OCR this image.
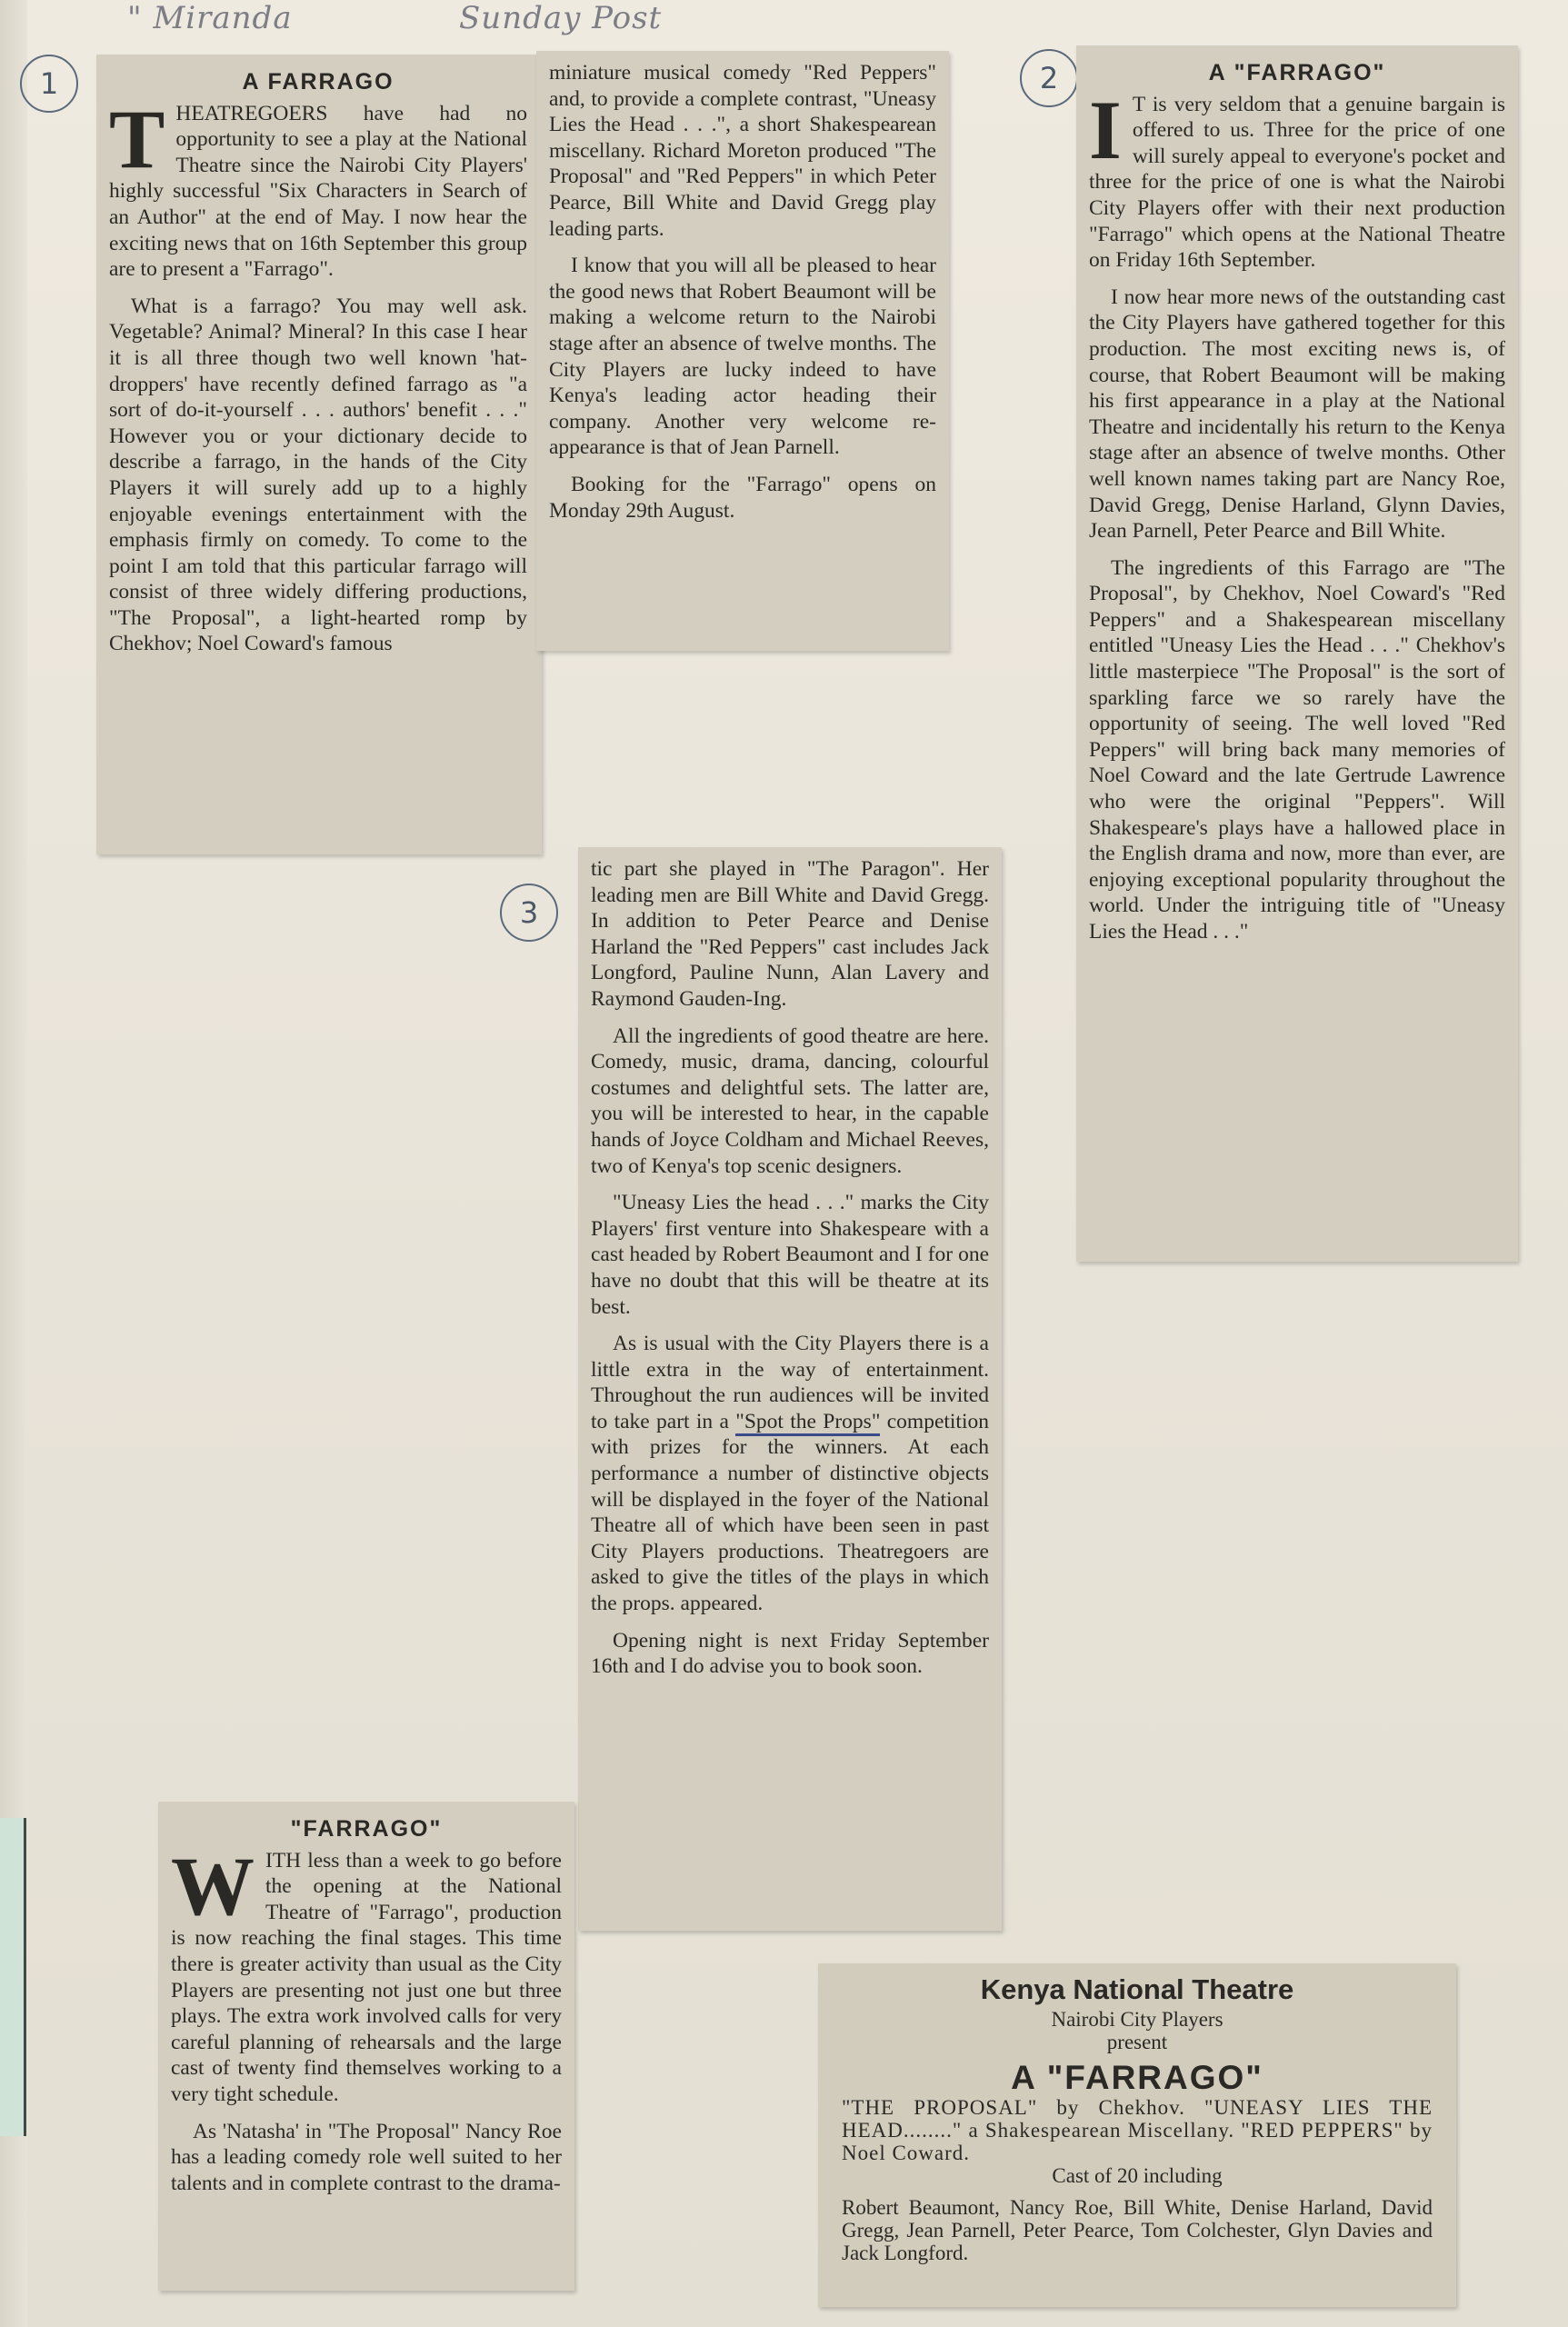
" Miranda	Sunday Post
1	2
3
A FARRAGO

THEATREGOERS have had no opportunity to see a play at the National Theatre since the Nairobi City Players' highly successful "Six Characters in Search of an Author" at the end of May. I now hear the exciting news that on 16th September this group are to present a "Farrago".

What is a farrago? You may well ask. Vegetable? Animal? Mineral? In this case I hear it is all three though two well known 'hat-droppers' have recently defined farrago as "a sort of do-it-yourself . . . authors' benefit . . ." However you or your dictionary decide to describe a farrago, in the hands of the City Players it will surely add up to a highly enjoyable evenings entertainment with the emphasis firmly on comedy. To come to the point I am told that this particular farrago will consist of three widely differing productions, "The Proposal", a light-hearted romp by Chekhov; Noel Coward's famous

miniature musical comedy "Red Peppers" and, to provide a complete contrast, "Uneasy Lies the Head . . .", a short Shakespearean miscellany. Richard Moreton produced "The Proposal" and "Red Peppers" in which Peter Pearce, Bill White and David Gregg play leading parts.

I know that you will all be pleased to hear the good news that Robert Beaumont will be making a welcome return to the Nairobi stage after an absence of twelve months. The City Players are lucky indeed to have Kenya's leading actor heading their company. Another very welcome re-appearance is that of Jean Parnell.

Booking for the "Farrago" opens on Monday 29th August.

A "FARRAGO"

I T is very seldom that a genuine bargain is offered to us. Three for the price of one will surely appeal to everyone's pocket and three for the price of one is what the Nairobi City Players offer with their next production "Farrago" which opens at the National Theatre on Friday 16th September.

I now hear more news of the outstanding cast the City Players have gathered together for this production. The most exciting news is, of course, that Robert Beaumont will be making his first appearance in a play at the National Theatre and incidentally his return to the Kenya stage after an absence of twelve months. Other well known names taking part are Nancy Roe, David Gregg, Denise Harland, Glynn Davies, Jean Parnell, Peter Pearce and Bill White.

The ingredients of this Farrago are "The Proposal", by Chekhov, Noel Coward's "Red Peppers" and a Shakespearean miscellany entitled "Uneasy Lies the Head . . ." Chekhov's little masterpiece "The Proposal" is the sort of sparkling farce we so rarely have the opportunity of seeing. The well loved "Red Peppers" will bring back many memories of Noel Coward and the late Gertrude Lawrence who were the original "Peppers". Will Shakespeare's plays have a hallowed place in the English drama and now, more than ever, are enjoying exceptional popularity throughout the world. Under the intriguing title of "Uneasy Lies the Head . . ."

tic part she played in "The Paragon". Her leading men are Bill White and David Gregg. In addition to Peter Pearce and Denise Harland the "Red Peppers" cast includes Jack Longford, Pauline Nunn, Alan Lavery and Raymond Gauden-Ing.

All the ingredients of good theatre are here. Comedy, music, drama, dancing, colourful costumes and delightful sets. The latter are, you will be interested to hear, in the capable hands of Joyce Coldham and Michael Reeves, two of Kenya's top scenic designers.

"Uneasy Lies the head . . ." marks the City Players' first venture into Shakespeare with a cast headed by Robert Beaumont and I for one have no doubt that this will be theatre at its best.

As is usual with the City Players there is a little extra in the way of entertainment. Throughout the run audiences will be invited to take part in a "Spot the Props" competition with prizes for the winners. At each performance a number of distinctive objects will be displayed in the foyer of the National Theatre all of which have been seen in past City Players productions. Theatregoers are asked to give the titles of the plays in which the props. appeared.

Opening night is next Friday September 16th and I do advise you to book soon.

"FARRAGO"

WITH less than a week to go before the opening at the National Theatre of "Farrago", production is now reaching the final stages. This time there is greater activity than usual as the City Players are presenting not just one but three plays. The extra work involved calls for very careful planning of rehearsals and the large cast of twenty find themselves working to a very tight schedule.

As 'Natasha' in "The Proposal" Nancy Roe has a leading comedy role well suited to her talents and in complete contrast to the drama-

Kenya National Theatre
Nairobi City Players
present
A "FARRAGO"
"THE PROPOSAL" by Chekhov. "UNEASY LIES THE HEAD........" a Shakespearean Miscellany. "RED PEPPERS" by Noel Coward.
Cast of 20 including
Robert Beaumont, Nancy Roe, Bill White, Denise Harland, David Gregg, Jean Parnell, Peter Pearce, Tom Colchester, Glyn Davies and Jack Longford.
